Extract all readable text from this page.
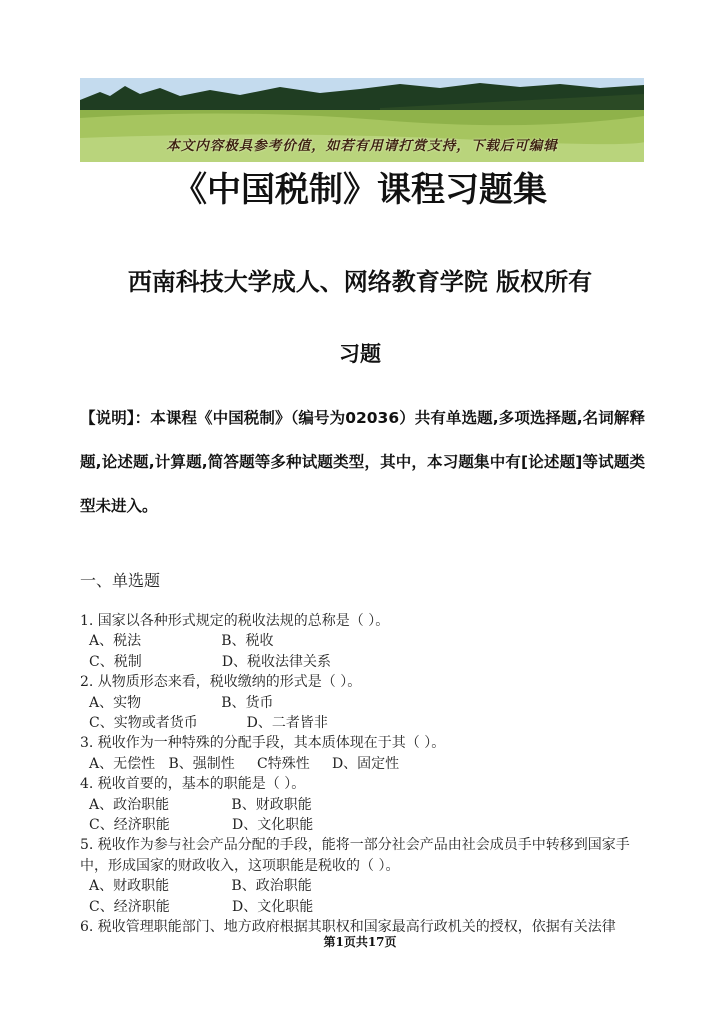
本文内容极具参考价值，如若有用请打赏支持，下载后可编辑
《中国税制》课程习题集
西南科技大学成人、网络教育学院 版权所有
习题
【说明】：本课程《中国税制》（编号为02036）共有单选题,多项选择题,名词解释题,论述题,计算题,简答题等多种试题类型，其中，本习题集中有[论述题]等试题类型未进入。
一、单选题
1. 国家以各种形式规定的税收法规的总称是（ ）。
A、税法                  B、税收
C、税制                  D、税收法律关系
2. 从物质形态来看，税收缴纳的形式是（ ）。
A、实物                  B、货币
C、实物或者货币           D、二者皆非
3. 税收作为一种特殊的分配手段，其本质体现在于其（ ）。
A、无偿性   B、强制性     C特殊性     D、固定性
4. 税收首要的，基本的职能是（ ）。
A、政治职能              B、财政职能
C、经济职能              D、文化职能
5. 税收作为参与社会产品分配的手段，能将一部分社会产品由社会成员手中转移到国家手中，形成国家的财政收入，这项职能是税收的（ ）。
A、财政职能              B、政治职能
C、经济职能              D、文化职能
6. 税收管理职能部门、地方政府根据其职权和国家最高行政机关的授权，依据有关法律
第1页共17页
